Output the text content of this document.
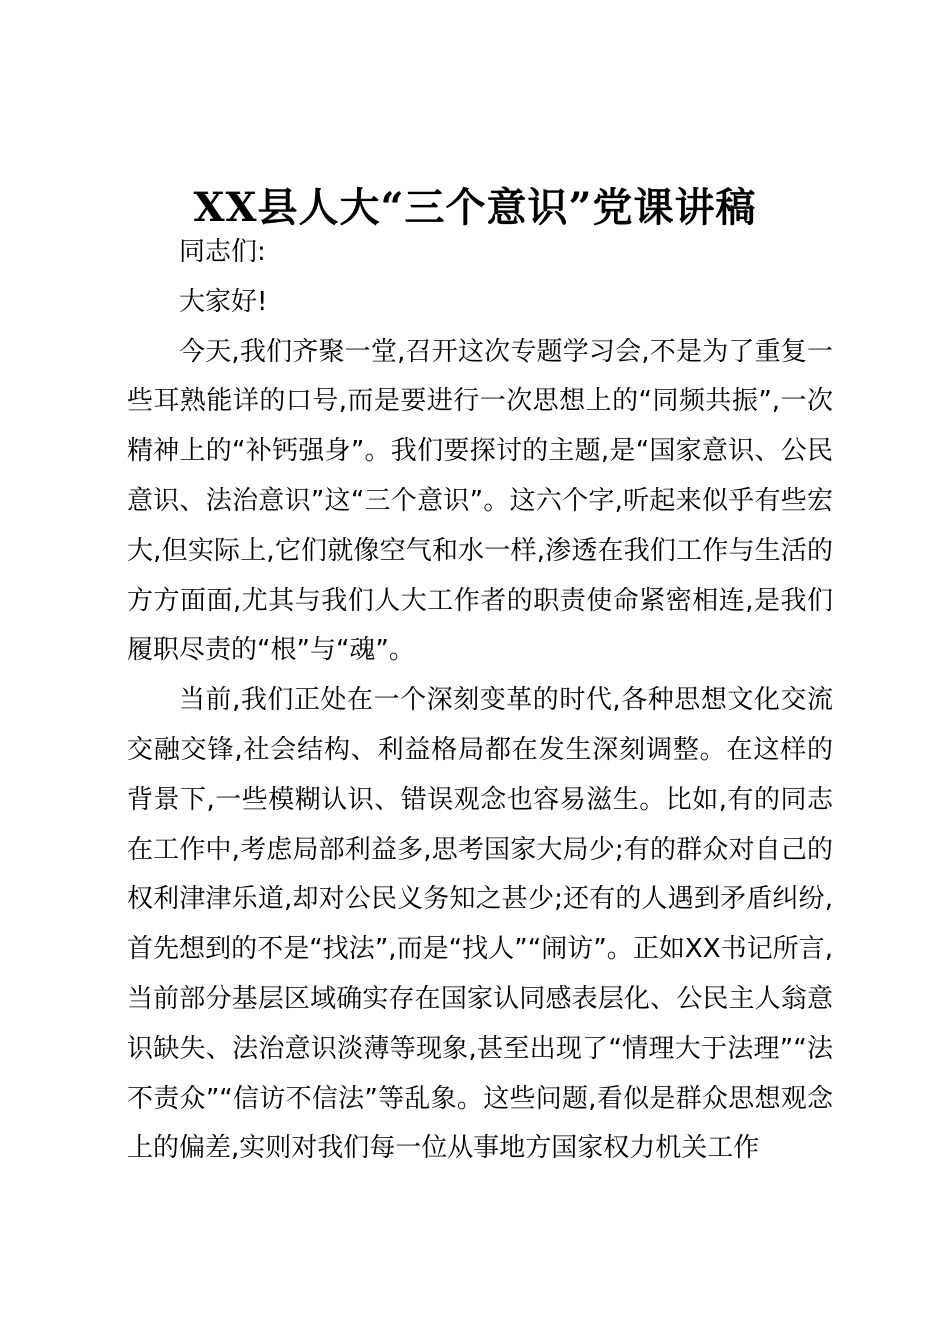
XX县人大“三个意识”党课讲稿

同志们:

大家好!

今天,我们齐聚一堂,召开这次专题学习会,不是为了重复一些耳熟能详的口号,而是要进行一次思想上的“同频共振”,一次精神上的“补钙强身”。我们要探讨的主题,是“国家意识、公民意识、法治意识”这“三个意识”。这六个字,听起来似乎有些宏大,但实际上,它们就像空气和水一样,渗透在我们工作与生活的方方面面,尤其与我们人大工作者的职责使命紧密相连,是我们履职尽责的“根”与“魂”。

当前,我们正处在一个深刻变革的时代,各种思想文化交流交融交锋,社会结构、利益格局都在发生深刻调整。在这样的背景下,一些模糊认识、错误观念也容易滋生。比如,有的同志在工作中,考虑局部利益多,思考国家大局少;有的群众对自己的权利津津乐道,却对公民义务知之甚少;还有的人遇到矛盾纠纷,首先想到的不是“找法”,而是“找人”“闹访”。正如XX书记所言,当前部分基层区域确实存在国家认同感表层化、公民主人翁意识缺失、法治意识淡薄等现象,甚至出现了“情理大于法理”“法不责众”“信访不信法”等乱象。这些问题,看似是群众思想观念上的偏差,实则对我们每一位从事地方国家权力机关工作
